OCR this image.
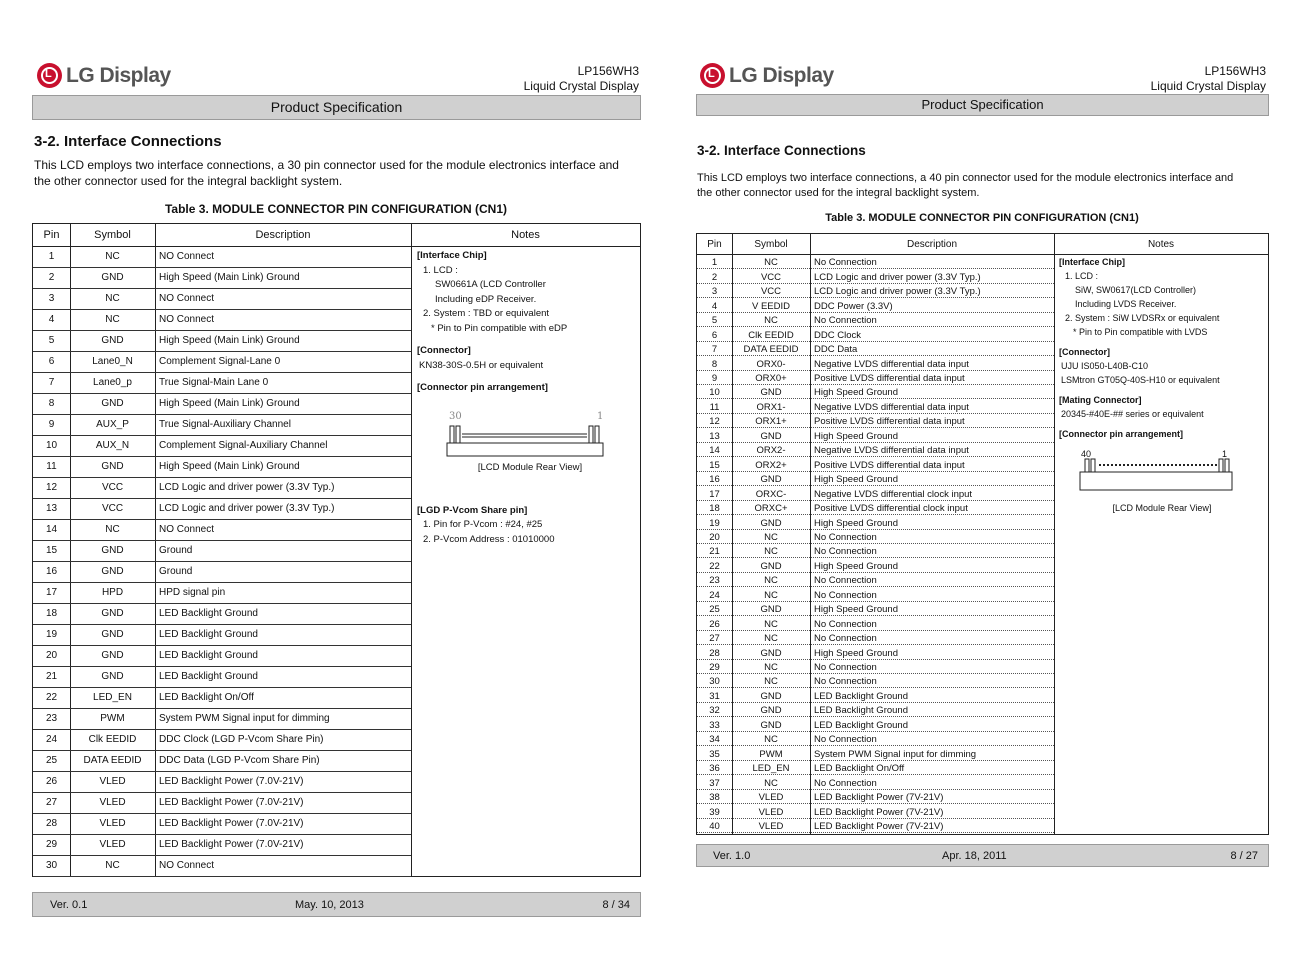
L LG Display	LP156WH3
Liquid Crystal Display
Product Specification
3-2. Interface Connections
This LCD employs two interface connections, a 30 pin connector used for the module electronics interface and
the other connector used for the integral backlight system.
Table 3. MODULE CONNECTOR PIN CONFIGURATION (CN1)
Pin	Symbol	Description	Notes
1	NC	NO Connect
2	GND	High Speed (Main Link) Ground
3	NC	NO Connect
4	NC	NO Connect
5	GND	High Speed (Main Link) Ground
6	Lane0_N	Complement Signal-Lane 0
7	Lane0_p	True Signal-Main Lane 0
8	GND	High Speed (Main Link) Ground
9	AUX_P	True Signal-Auxiliary Channel
10	AUX_N	Complement Signal-Auxiliary Channel
11	GND	High Speed (Main Link) Ground
12	VCC	LCD Logic and driver power (3.3V Typ.)
13	VCC	LCD Logic and driver power (3.3V Typ.)
14	NC	NO Connect
15	GND	Ground
16	GND	Ground
17	HPD	HPD signal pin
18	GND	LED Backlight Ground
19	GND	LED Backlight Ground
20	GND	LED Backlight Ground
21	GND	LED Backlight Ground
22	LED_EN	LED Backlight On/Off
23	PWM	System PWM Signal input for dimming
24	Clk EEDID	DDC Clock (LGD P-Vcom Share Pin)
25	DATA EEDID	DDC Data (LGD P-Vcom Share Pin)
26	VLED	LED Backlight Power (7.0V-21V)
27	VLED	LED Backlight Power (7.0V-21V)
28	VLED	LED Backlight Power (7.0V-21V)
29	VLED	LED Backlight Power (7.0V-21V)
30	NC	NO Connect
[Interface Chip]
1. LCD :
SW0661A (LCD Controller
Including eDP Receiver.
2. System : TBD or equivalent
* Pin to Pin compatible with eDP
[Connector]
KN38-30S-0.5H or equivalent
[Connector pin arrangement]
30	1
[LCD Module Rear View]
[LGD P-Vcom Share pin]
1. Pin for P-Vcom : #24, #25
2. P-Vcom Address : 01010000
Ver. 0.1	May. 10, 2013	8 / 34
L LG Display	LP156WH3
Liquid Crystal Display
Product Specification
3-2. Interface Connections
This LCD employs two interface connections, a 40 pin connector used for the module electronics interface and
the other connector used for the integral backlight system.
Table 3. MODULE CONNECTOR PIN CONFIGURATION (CN1)
Pin	Symbol	Description	Notes
1	NC	No Connection
2	VCC	LCD Logic and driver power (3.3V Typ.)
3	VCC	LCD Logic and driver power (3.3V Typ.)
4	V EEDID	DDC Power (3.3V)
5	NC	No Connection
6	Clk EEDID	DDC Clock
7	DATA EEDID	DDC Data
8	ORX0-	Negative LVDS differential data input
9	ORX0+	Positive LVDS differential data input
10	GND	High Speed Ground
11	ORX1-	Negative LVDS differential data input
12	ORX1+	Positive LVDS differential data input
13	GND	High Speed Ground
14	ORX2-	Negative LVDS differential data input
15	ORX2+	Positive LVDS differential data input
16	GND	High Speed Ground
17	ORXC-	Negative LVDS differential clock input
18	ORXC+	Positive LVDS differential clock input
19	GND	High Speed Ground
20	NC	No Connection
21	NC	No Connection
22	GND	High Speed Ground
23	NC	No Connection
24	NC	No Connection
25	GND	High Speed Ground
26	NC	No Connection
27	NC	No Connection
28	GND	High Speed Ground
29	NC	No Connection
30	NC	No Connection
31	GND	LED Backlight Ground
32	GND	LED Backlight Ground
33	GND	LED Backlight Ground
34	NC	No Connection
35	PWM	System PWM Signal input for dimming
36	LED_EN	LED Backlight On/Off
37	NC	No Connection
38	VLED	LED Backlight Power (7V-21V)
39	VLED	LED Backlight Power (7V-21V)
40	VLED	LED Backlight Power (7V-21V)
[Interface Chip]
1. LCD :
SiW, SW0617(LCD Controller)
Including LVDS Receiver.
2. System : SiW LVDSRx or equivalent
* Pin to Pin compatible with LVDS
[Connector]
UJU IS050-L40B-C10
LSMtron GT05Q-40S-H10 or equivalent
[Mating Connector]
20345-#40E-## series or equivalent
[Connector pin arrangement]
40	1
[LCD Module Rear View]
Ver. 1.0	Apr. 18, 2011	8 / 27
